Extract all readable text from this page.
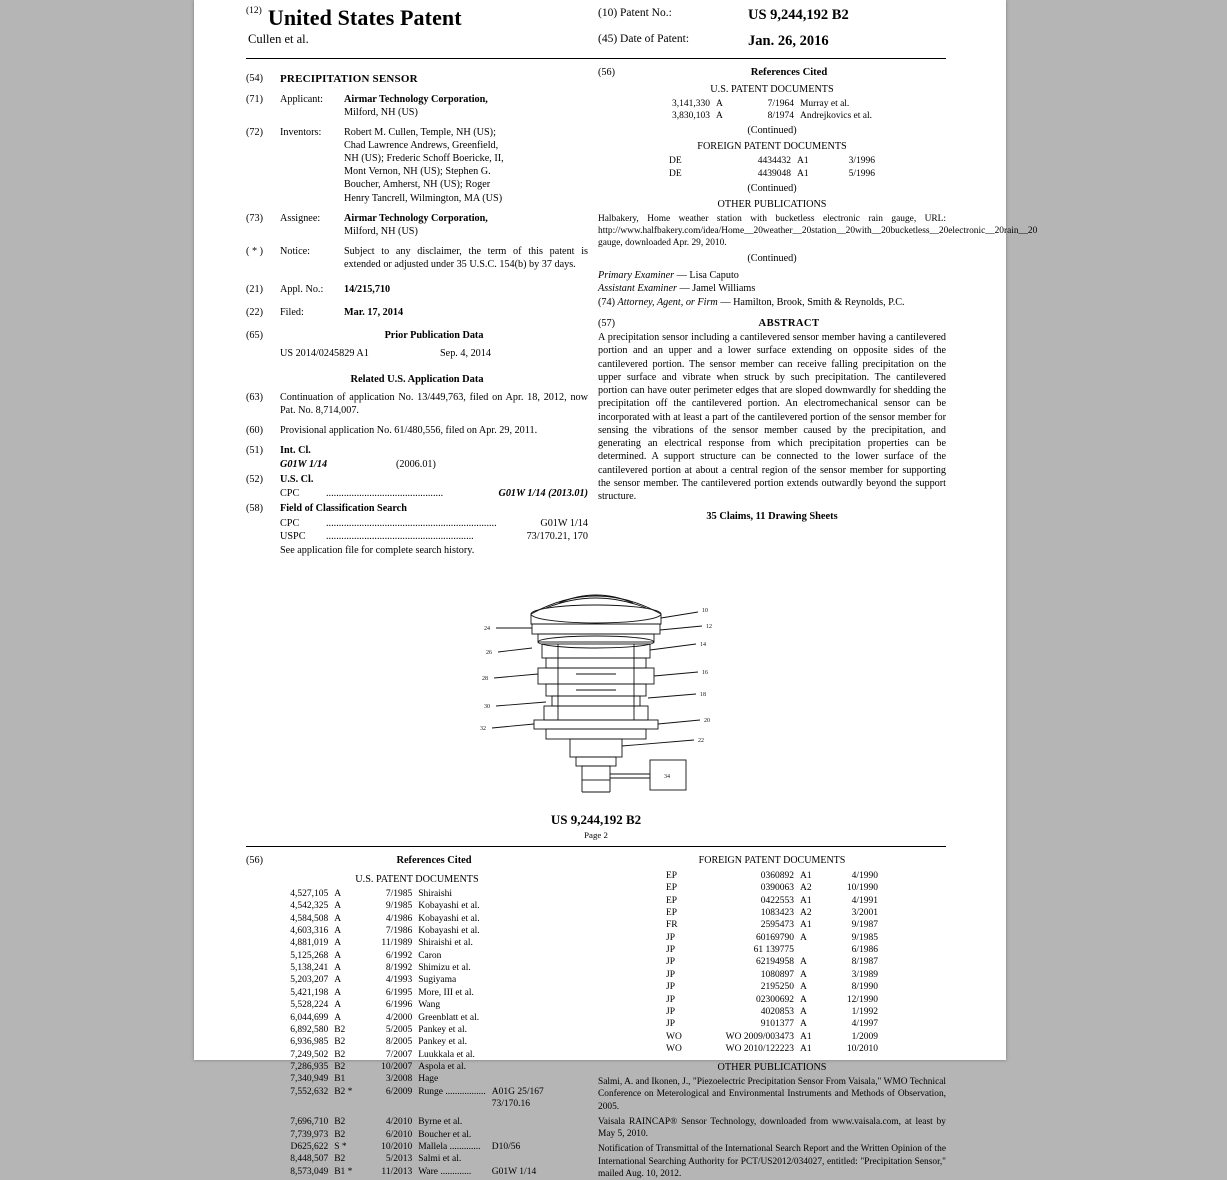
(12) United States Patent
Cullen et al.
(10) Patent No.:	US 9,244,192 B2
(45) Date of Patent:	Jan. 26, 2016
(54)	PRECIPITATION SENSOR
(71)	Applicant:	Airmar Technology Corporation,
Milford, NH (US)
(72)	Inventors:	Robert M. Cullen, Temple, NH (US);
Chad Lawrence Andrews, Greenfield,
NH (US); Frederic Schoff Boericke, II,
Mont Vernon, NH (US); Stephen G.
Boucher, Amherst, NH (US); Roger
Henry Tancrell, Wilmington, MA (US)
(73)	Assignee:	Airmar Technology Corporation,
Milford, NH (US)
( * )	Notice:	Subject to any disclaimer, the term of this patent is extended or adjusted under 35 U.S.C. 154(b) by 37 days.
(21)	Appl. No.:	14/215,710
(22)	Filed:	Mar. 17, 2014
(65)	Prior Publication Data
US 2014/0245829 A1	Sep. 4, 2014
Related U.S. Application Data
(63)	Continuation of application No. 13/449,763, filed on Apr. 18, 2012, now Pat. No. 8,714,007.
(60)	Provisional application No. 61/480,556, filed on Apr. 29, 2011.
(51)	Int. Cl.
G01W 1/14	(2006.01)
(52)	U.S. Cl.
CPC	..............................................	G01W 1/14 (2013.01)
(58)	Field of Classification Search
CPC	...................................................................	G01W 1/14
USPC	..........................................................	73/170.21, 170
See application file for complete search history.
(56)	References Cited
U.S. PATENT DOCUMENTS
3,141,330	A	7/1964	Murray et al.
3,830,103	A	8/1974	Andrejkovics et al.
(Continued)
FOREIGN PATENT DOCUMENTS
DE	4434432	A1	3/1996
DE	4439048	A1	5/1996
(Continued)
OTHER PUBLICATIONS
Halbakery, Home weather station with bucketless electronic rain gauge, URL: http://www.halfbakery.com/idea/Home__20weather__20station__20with__20bucketless__20electronic__20rain__20 gauge, downloaded Apr. 29, 2010.
(Continued)
Primary Examiner — Lisa Caputo
Assistant Examiner — Jamel Williams
(74) Attorney, Agent, or Firm — Hamilton, Brook, Smith & Reynolds, P.C.
(57)	ABSTRACT
A precipitation sensor including a cantilevered sensor member having a cantilevered portion and an upper and a lower surface extending on opposite sides of the cantilevered portion. The sensor member can receive falling precipitation on the upper surface and vibrate when struck by such precipitation. The cantilevered portion can have outer perimeter edges that are sloped downwardly for shedding the precipitation off the cantilevered portion. An electromechanical sensor can be incorporated with at least a part of the cantilevered portion of the sensor member for sensing the vibrations of the sensor member caused by the precipitation, and generating an electrical response from which precipitation properties can be determined. A support structure can be connected to the lower surface of the cantilevered portion at about a central region of the sensor member for supporting the sensor member. The cantilevered portion extends outwardly beyond the support structure.
35 Claims, 11 Drawing Sheets
10
12
14
16
18
20
22
24
26
28
30
32
34
US 9,244,192 B2
Page 2
(56)	References Cited
U.S. PATENT DOCUMENTS
4,527,105	A	7/1985	Shiraishi	
4,542,325	A	9/1985	Kobayashi et al.	
4,584,508	A	4/1986	Kobayashi et al.	
4,603,316	A	7/1986	Kobayashi et al.	
4,881,019	A	11/1989	Shiraishi et al.	
5,125,268	A	6/1992	Caron	
5,138,241	A	8/1992	Shimizu et al.	
5,203,207	A	4/1993	Sugiyama	
5,421,198	A	6/1995	More, III et al.	
5,528,224	A	6/1996	Wang	
6,044,699	A	4/2000	Greenblatt et al.	
6,892,580	B2	5/2005	Pankey et al.	
6,936,985	B2	8/2005	Pankey et al.	
7,249,502	B2	7/2007	Luukkala et al.	
7,286,935	B2	10/2007	Aspola et al.	
7,340,949	B1	3/2008	Hage	
7,552,632	B2 *	6/2009	Runge .................	A01G 25/167
				73/170.16
7,696,710	B2	4/2010	Byrne et al.	
7,739,973	B2	6/2010	Boucher et al.	
D625,622	S *	10/2010	Mallela .............	D10/56
8,448,507	B2	5/2013	Salmi et al.	
8,573,049	B1 *	11/2013	Ware .............	G01W 1/14
FOREIGN PATENT DOCUMENTS
EP	0360892	A1	4/1990
EP	0390063	A2	10/1990
EP	0422553	A1	4/1991
EP	1083423	A2	3/2001
FR	2595473	A1	9/1987
JP	60169790	A	9/1985
JP	61 139775		6/1986
JP	62194958	A	8/1987
JP	1080897	A	3/1989
JP	2195250	A	8/1990
JP	02300692	A	12/1990
JP	4020853	A	1/1992
JP	9101377	A	4/1997
WO	WO 2009/003473	A1	1/2009
WO	WO 2010/122223	A1	10/2010
OTHER PUBLICATIONS
Salmi, A. and Ikonen, J., "Piezoelectric Precipitation Sensor From Vaisala," WMO Technical Conference on Meterological and Environmental Instruments and Methods of Observation, 2005.
Vaisala RAINCAP® Sensor Technology, downloaded from www.vaisala.com, at least by May 5, 2010.
Notification of Transmittal of the International Search Report and the Written Opinion of the International Searching Authority for PCT/US2012/034027, entitled: "Precipitation Sensor," mailed Aug. 10, 2012.
